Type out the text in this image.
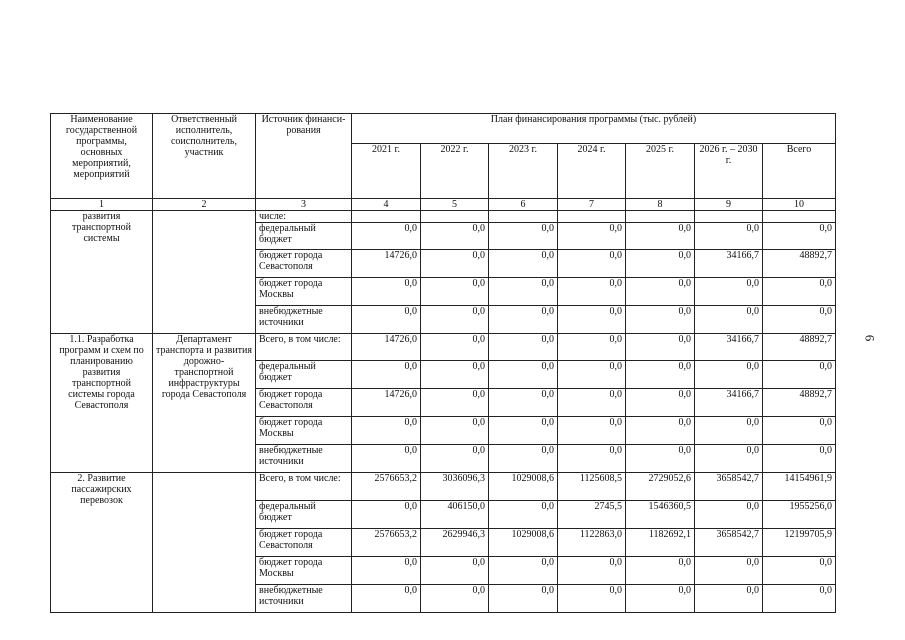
Наименование государственной программы, основных мероприятий, мероприятий	Ответственный исполнитель, соисполнитель, участник	Источник финанси-рования	План финансирования программы (тыс. рублей)						
			2021 г.	2022 г.	2023 г.	2024 г.	2025 г.	2026 г. – 2030 г.	Всего
1	2	3	4	5	6	7	8	9	10
развития транспортной системы		числе:							
		федеральный бюджет	0,0	0,0	0,0	0,0	0,0	0,0	0,0
		бюджет города Севастополя	14726,0	0,0	0,0	0,0	0,0	34166,7	48892,7
		бюджет города Москвы	0,0	0,0	0,0	0,0	0,0	0,0	0,0
		внебюджетные источники	0,0	0,0	0,0	0,0	0,0	0,0	0,0
1.1. Разработка программ и схем по планированию развития транспортной системы города Севастополя	Департамент транспорта и развития дорожно-транспортной инфраструктуры города Севастополя	Всего, в том числе:	14726,0	0,0	0,0	0,0	0,0	34166,7	48892,7
		федеральный бюджет	0,0	0,0	0,0	0,0	0,0	0,0	0,0
		бюджет города Севастополя	14726,0	0,0	0,0	0,0	0,0	34166,7	48892,7
		бюджет города Москвы	0,0	0,0	0,0	0,0	0,0	0,0	0,0
		внебюджетные источники	0,0	0,0	0,0	0,0	0,0	0,0	0,0
2. Развитие пассажирских перевозок		Всего, в том числе:	2576653,2	3036096,3	1029008,6	1125608,5	2729052,6	3658542,7	14154961,9
		федеральный бюджет	0,0	406150,0	0,0	2745,5	1546360,5	0,0	1955256,0
		бюджет города Севастополя	2576653,2	2629946,3	1029008,6	1122863,0	1182692,1	3658542,7	12199705,9
		бюджет города Москвы	0,0	0,0	0,0	0,0	0,0	0,0	0,0
		внебюджетные источники	0,0	0,0	0,0	0,0	0,0	0,0	0,0
6
